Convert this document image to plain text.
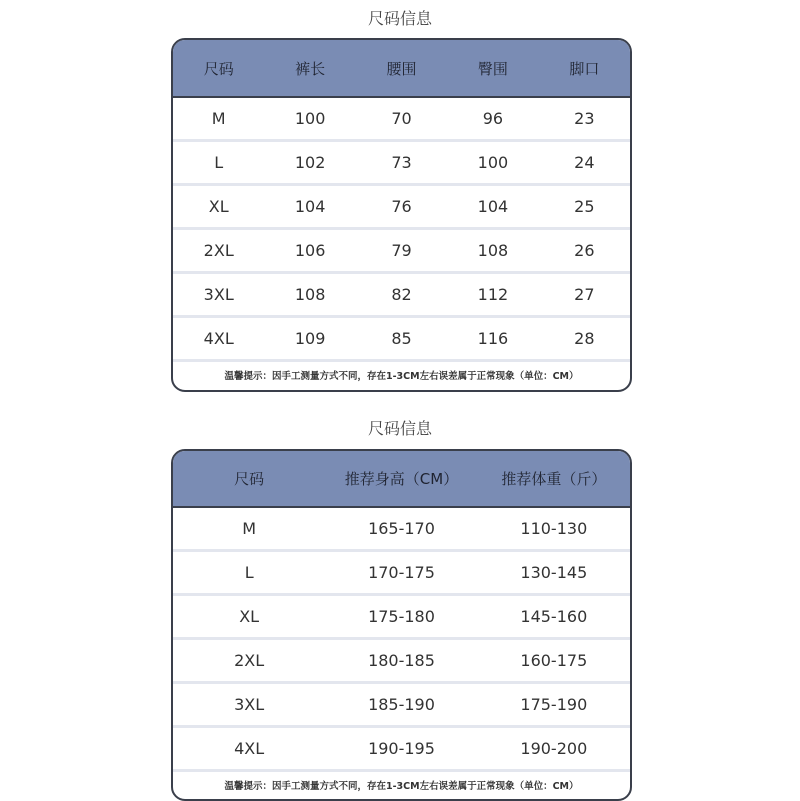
尺码信息
尺码	裤长	腰围	臀围	脚口
M	100	70	96	23
L	102	73	100	24
XL	104	76	104	25
2XL	106	79	108	26
3XL	108	82	112	27
4XL	109	85	116	28
温馨提示：因手工测量方式不同，存在1-3CM左右误差属于正常现象（单位：CM）
尺码信息
尺码	推荐身高（CM）	推荐体重（斤）
M	165-170	110-130
L	170-175	130-145
XL	175-180	145-160
2XL	180-185	160-175
3XL	185-190	175-190
4XL	190-195	190-200
温馨提示：因手工测量方式不同，存在1-3CM左右误差属于正常现象（单位：CM）
